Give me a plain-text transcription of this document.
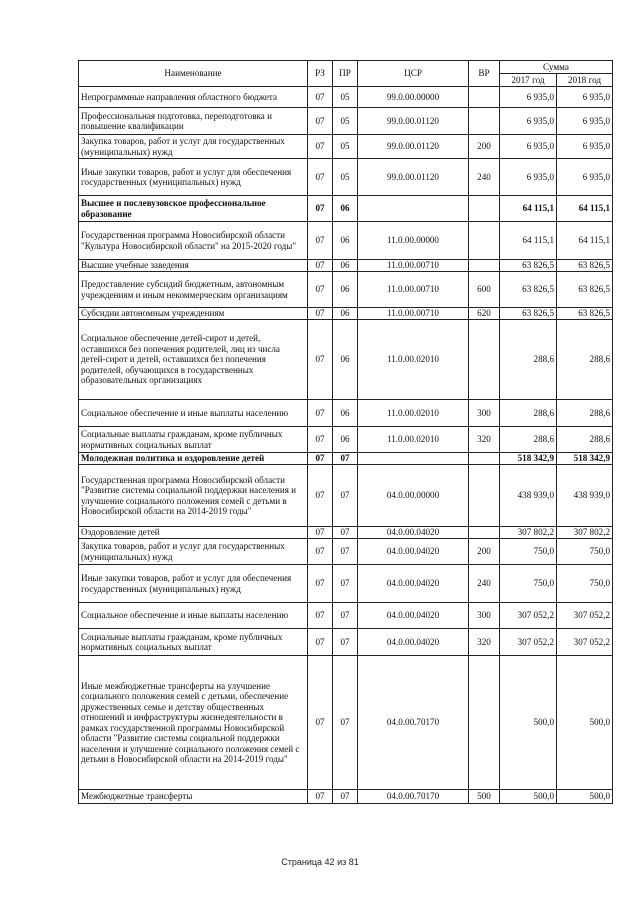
Наименование	РЗ	ПР	ЦСР	ВР	Сумма	
					2017 год	2018 год
Непрограммные направления областного бюджета	07	05	99.0.00.00000		6 935,0	6 935,0
Профессиональная подготовка, переподготовка и повышение квалификации	07	05	99.0.00.01120		6 935,0	6 935,0
Закупка товаров, работ и услуг для государственных (муниципальных) нужд	07	05	99.0.00.01120	200	6 935,0	6 935,0
Иные закупки товаров, работ и услуг для обеспечения государственных (муниципальных) нужд	07	05	99.0.00.01120	240	6 935,0	6 935,0
Высшее и послевузовское профессиональное образование	07	06			64 115,1	64 115,1
Государственная программа Новосибирской области "Культура Новосибирской области" на 2015-2020 годы"	07	06	11.0.00.00000		64 115,1	64 115,1
Высшие учебные заведения	07	06	11.0.00.00710		63 826,5	63 826,5
Предоставление субсидий бюджетным, автономным учреждениям и иным некоммерческим организациям	07	06	11.0.00.00710	600	63 826,5	63 826,5
Субсидии автономным учреждениям	07	06	11.0.00.00710	620	63 826,5	63 826,5
Социальное обеспечение детей-сирот и детей, оставшихся без попечения родителей, лиц из числа детей-сирот и детей, оставшихся без попечения родителей, обучающихся в государственных образовательных организациях	07	06	11.0.00.02010		288,6	288,6
Социальное обеспечение и иные выплаты населению	07	06	11.0.00.02010	300	288,6	288,6
Социальные выплаты гражданам, кроме публичных нормативных социальных выплат	07	06	11.0.00.02010	320	288,6	288,6
Молодежная политика и оздоровление детей	07	07			518 342,9	518 342,9
Государственная программа Новосибирской области "Развитие системы социальной поддержки населения и улучшение социального положения семей с детьми в Новосибирской области на 2014-2019 годы"	07	07	04.0.00.00000		438 939,0	438 939,0
Оздоровление детей	07	07	04.0.00.04020		307 802,2	307 802,2
Закупка товаров, работ и услуг для государственных (муниципальных) нужд	07	07	04.0.00.04020	200	750,0	750,0
Иные закупки товаров, работ и услуг для обеспечения государственных (муниципальных) нужд	07	07	04.0.00.04020	240	750,0	750,0
Социальное обеспечение и иные выплаты населению	07	07	04.0.00.04020	300	307 052,2	307 052,2
Социальные выплаты гражданам, кроме публичных нормативных социальных выплат	07	07	04.0.00.04020	320	307 052,2	307 052,2
Иные межбюджетные трансферты на улучшение социального положения семей с детьми, обеспечение дружественных семье и детству общественных отношений и инфраструктуры жизнедеятельности в рамках государственной программы Новосибирской области "Развитие системы социальной поддержки населения и улучшение социального положения семей с детьми в Новосибирской области на 2014-2019 годы"	07	07	04.0.00.70170		500,0	500,0
Межбюджетные трансферты	07	07	04.0.00.70170	500	500,0	500,0
Страница 42 из 81
